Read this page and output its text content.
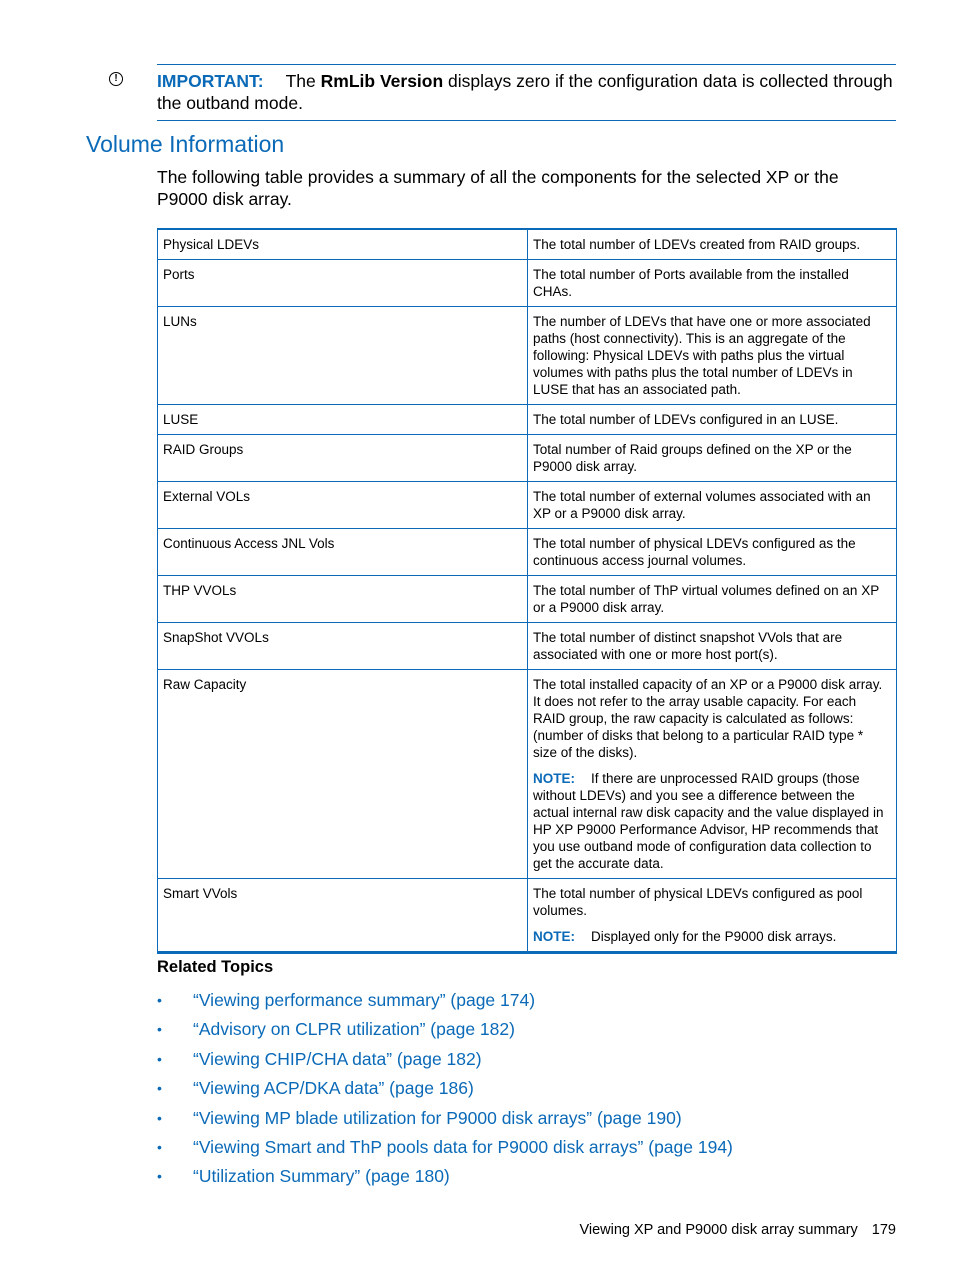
!	IMPORTANT: The RmLib Version displays zero if the configuration data is collected through the outband mode.
Volume Information

The following table provides a summary of all the components for the selected XP or the P9000 disk array.

Physical LDEVs	The total number of LDEVs created from RAID groups.

Ports	The total number of Ports available from the installed CHAs.

LUNs	The number of LDEVs that have one or more associated paths (host connectivity). This is an aggregate of the following: Physical LDEVs with paths plus the virtual volumes with paths plus the total number of LDEVs in LUSE that has an associated path.

LUSE	The total number of LDEVs configured in an LUSE.

RAID Groups	Total number of Raid groups defined on the XP or the P9000 disk array.

External VOLs	The total number of external volumes associated with an XP or a P9000 disk array.

Continuous Access JNL Vols	The total number of physical LDEVs configured as the continuous access journal volumes.

THP VVOLs	The total number of ThP virtual volumes defined on an XP or a P9000 disk array.

SnapShot VVOLs	The total number of distinct snapshot VVols that are associated with one or more host port(s).

Raw Capacity	The total installed capacity of an XP or a P9000 disk array. It does not refer to the array usable capacity. For each RAID group, the raw capacity is calculated as follows: (number of disks that belong to a particular RAID type * size of the disks).

NOTE: If there are unprocessed RAID groups (those without LDEVs) and you see a difference between the actual internal raw disk capacity and the value displayed in HP XP P9000 Performance Advisor, HP recommends that you use outband mode of configuration data collection to get the accurate data.

Smart VVols	The total number of physical LDEVs configured as pool volumes.

NOTE: Displayed only for the P9000 disk arrays.

Related Topics
• “Viewing performance summary” (page 174)
• “Advisory on CLPR utilization” (page 182)
• “Viewing CHIP/CHA data” (page 182)
• “Viewing ACP/DKA data” (page 186)
• “Viewing MP blade utilization for P9000 disk arrays” (page 190)
• “Viewing Smart and ThP pools data for P9000 disk arrays” (page 194)
• “Utilization Summary” (page 180)
Viewing XP and P9000 disk array summary 179
